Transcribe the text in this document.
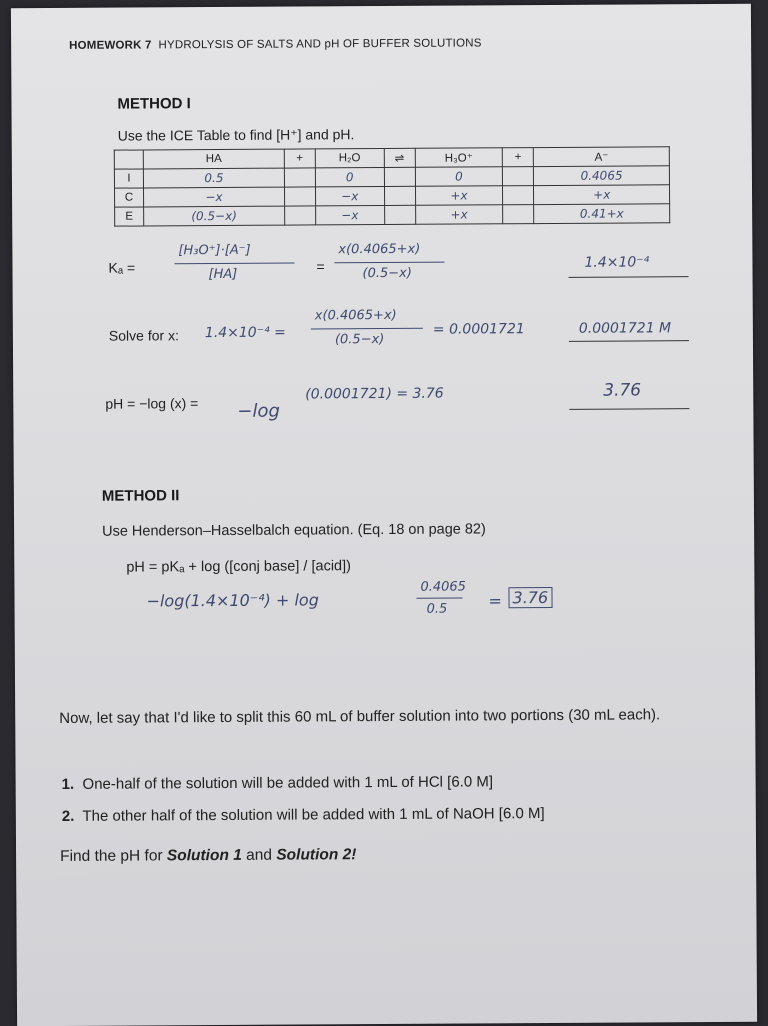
HOMEWORK 7 HYDROLYSIS OF SALTS AND pH OF BUFFER SOLUTIONS
METHOD I
Use the ICE Table to find [H⁺] and pH.
	HA	+	H₂O	⇌	H₃O⁺	+	A⁻
I	0.5		0		0		0.4065
C	−x		−x		+x		+x
E	(0.5−x)		−x		+x		0.41+x
Kₐ =
[H₃O⁺]·[A⁻]
[HA]
=
x(0.4065+x)
(0.5−x)
1.4×10⁻⁴
Solve for x: 1.4×10⁻⁴ =
x(0.4065+x)
(0.5−x)
= 0.0001721	0.0001721 M
pH = −log (x) = −log
(0.0001721) = 3.76	3.76
METHOD II
Use Henderson–Hasselbalch equation. (Eq. 18 on page 82)
pH = pKₐ + log ([conj base] / [acid])
−log(1.4×10⁻⁴) + log
0.4065
0.5	= 3.76
Now, let say that I'd like to split this 60 mL of buffer solution into two portions (30 mL each).
1. One-half of the solution will be added with 1 mL of HCl [6.0 M]
2. The other half of the solution will be added with 1 mL of NaOH [6.0 M]
Find the pH for Solution 1 and Solution 2!
